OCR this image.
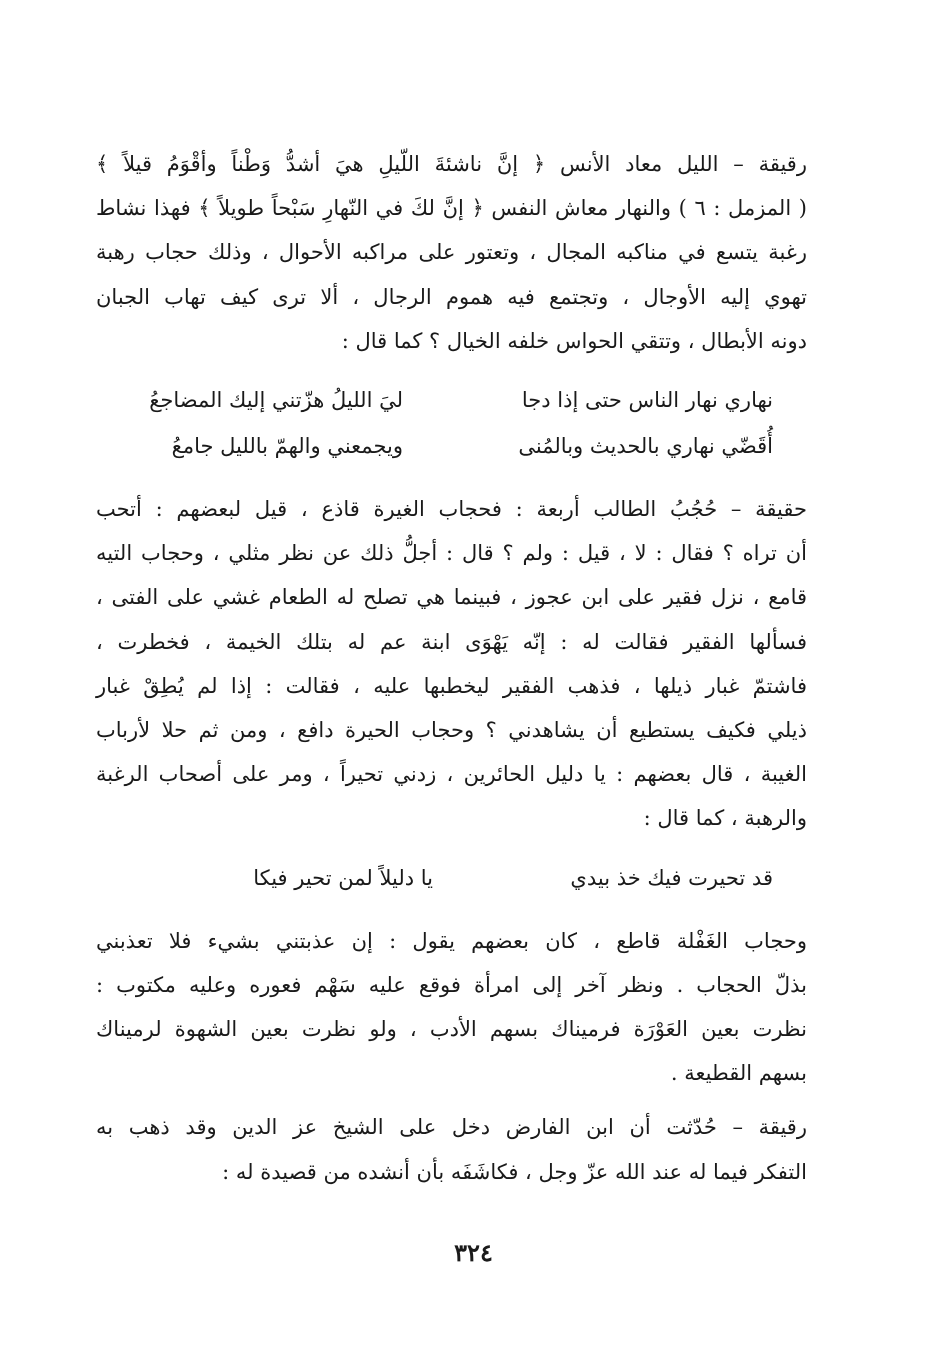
رقيقة – الليل معاد الأنس ﴿ إنَّ ناشئةَ اللّيلِ هيَ أشدُّ وَطْناً وأقْوَمُ قيلاً ﴾
( المزمل : ٦ ) والنهار معاش النفس ﴿ إنَّ لكَ في النّهارِ سَبْحاً طويلاً ﴾ فهذا نشاط
رغبة يتسع في مناكبه المجال ، وتعتور على مراكبه الأحوال ، وذلك حجاب رهبة
تهوي إليه الأوجال ، وتجتمع فيه هموم الرجال ، ألا ترى كيف تهاب الجبان
دونه الأبطال ، وتتقي الحواس خلفه الخيال ؟ كما قال :

نهاري نهار الناس حتى إذا دجا
ليَ الليلُ هزّتني إليك المضاجعُ
أُقَضّي نهاري بالحديث وبالمُنى
ويجمعني والهمّ بالليل جامعُ

حقيقة – حُجُبُ الطالب أربعة : فحجاب الغيرة قاذع ، قيل لبعضهم : أتحب
أن تراه ؟ فقال : لا ، قيل : ولم ؟ قال : أجلُّ ذلك عن نظر مثلي ، وحجاب التيه
قامع ، نزل فقير على ابن عجوز ، فبينما هي تصلح له الطعام غشي على الفتى ،
فسألها الفقير فقالت له : إنّه يَهْوَى ابنة عم له بتلك الخيمة ، فخطرت ،
فاشتمّ غبار ذيلها ، فذهب الفقير ليخطبها عليه ، فقالت : إذا لم يُطِقْ غبار
ذيلي فكيف يستطيع أن يشاهدني ؟ وحجاب الحيرة دافع ، ومن ثم حلا لأرباب
الغيبة ، قال بعضهم : يا دليل الحائرين ، زدني تحيراً ، ومر على أصحاب الرغبة
والرهبة ، كما قال :

قد تحيرت فيك خذ بيدي
يا دليلاً لمن تحير فيكا

وحجاب الغَفْلة قاطع ، كان بعضهم يقول : إن عذبتني بشيء فلا تعذبني
بذلّ الحجاب . ونظر آخر إلى امرأة فوقع عليه سَهْم فعوره وعليه مكتوب :
نظرت بعين العَوْرَة فرميناك بسهم الأدب ، ولو نظرت بعين الشهوة لرميناك
بسهم القطيعة .

رقيقة – حُدّثت أن ابن الفارض دخل على الشيخ عز الدين وقد ذهب به
التفكر فيما له عند الله عزّ وجل ، فكاشَفَه بأن أنشده من قصيدة له :

٣٢٤
